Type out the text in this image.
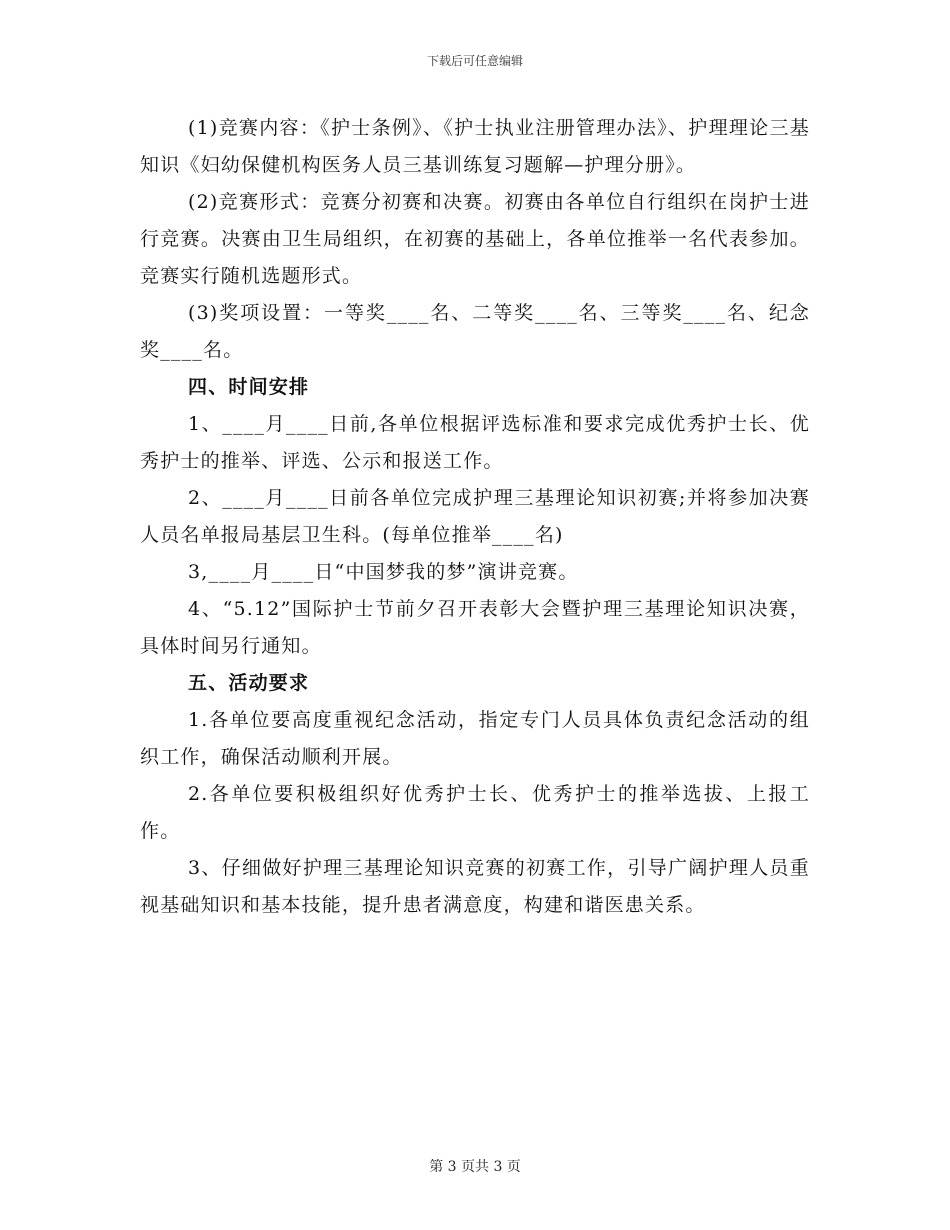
下载后可任意编辑

(1)竞赛内容：《护士条例》、《护士执业注册管理办法》、护理理论三基知识《妇幼保健机构医务人员三基训练复习题解—护理分册》。

(2)竞赛形式：竞赛分初赛和决赛。初赛由各单位自行组织在岗护士进行竞赛。决赛由卫生局组织，在初赛的基础上，各单位推举一名代表参加。竞赛实行随机选题形式。

(3)奖项设置：一等奖____名、二等奖____名、三等奖____名、纪念奖____名。

四、时间安排

1、____月____日前,各单位根据评选标准和要求完成优秀护士长、优秀护士的推举、评选、公示和报送工作。

2、____月____日前各单位完成护理三基理论知识初赛;并将参加决赛人员名单报局基层卫生科。(每单位推举____名)

3,____月____日“中国梦我的梦”演讲竞赛。

4、“5.12”国际护士节前夕召开表彰大会暨护理三基理论知识决赛，具体时间另行通知。

五、活动要求

1.各单位要高度重视纪念活动，指定专门人员具体负责纪念活动的组织工作，确保活动顺利开展。

2.各单位要积极组织好优秀护士长、优秀护士的推举选拔、上报工作。

3、仔细做好护理三基理论知识竞赛的初赛工作，引导广阔护理人员重视基础知识和基本技能，提升患者满意度，构建和谐医患关系。

第 3 页共 3 页
